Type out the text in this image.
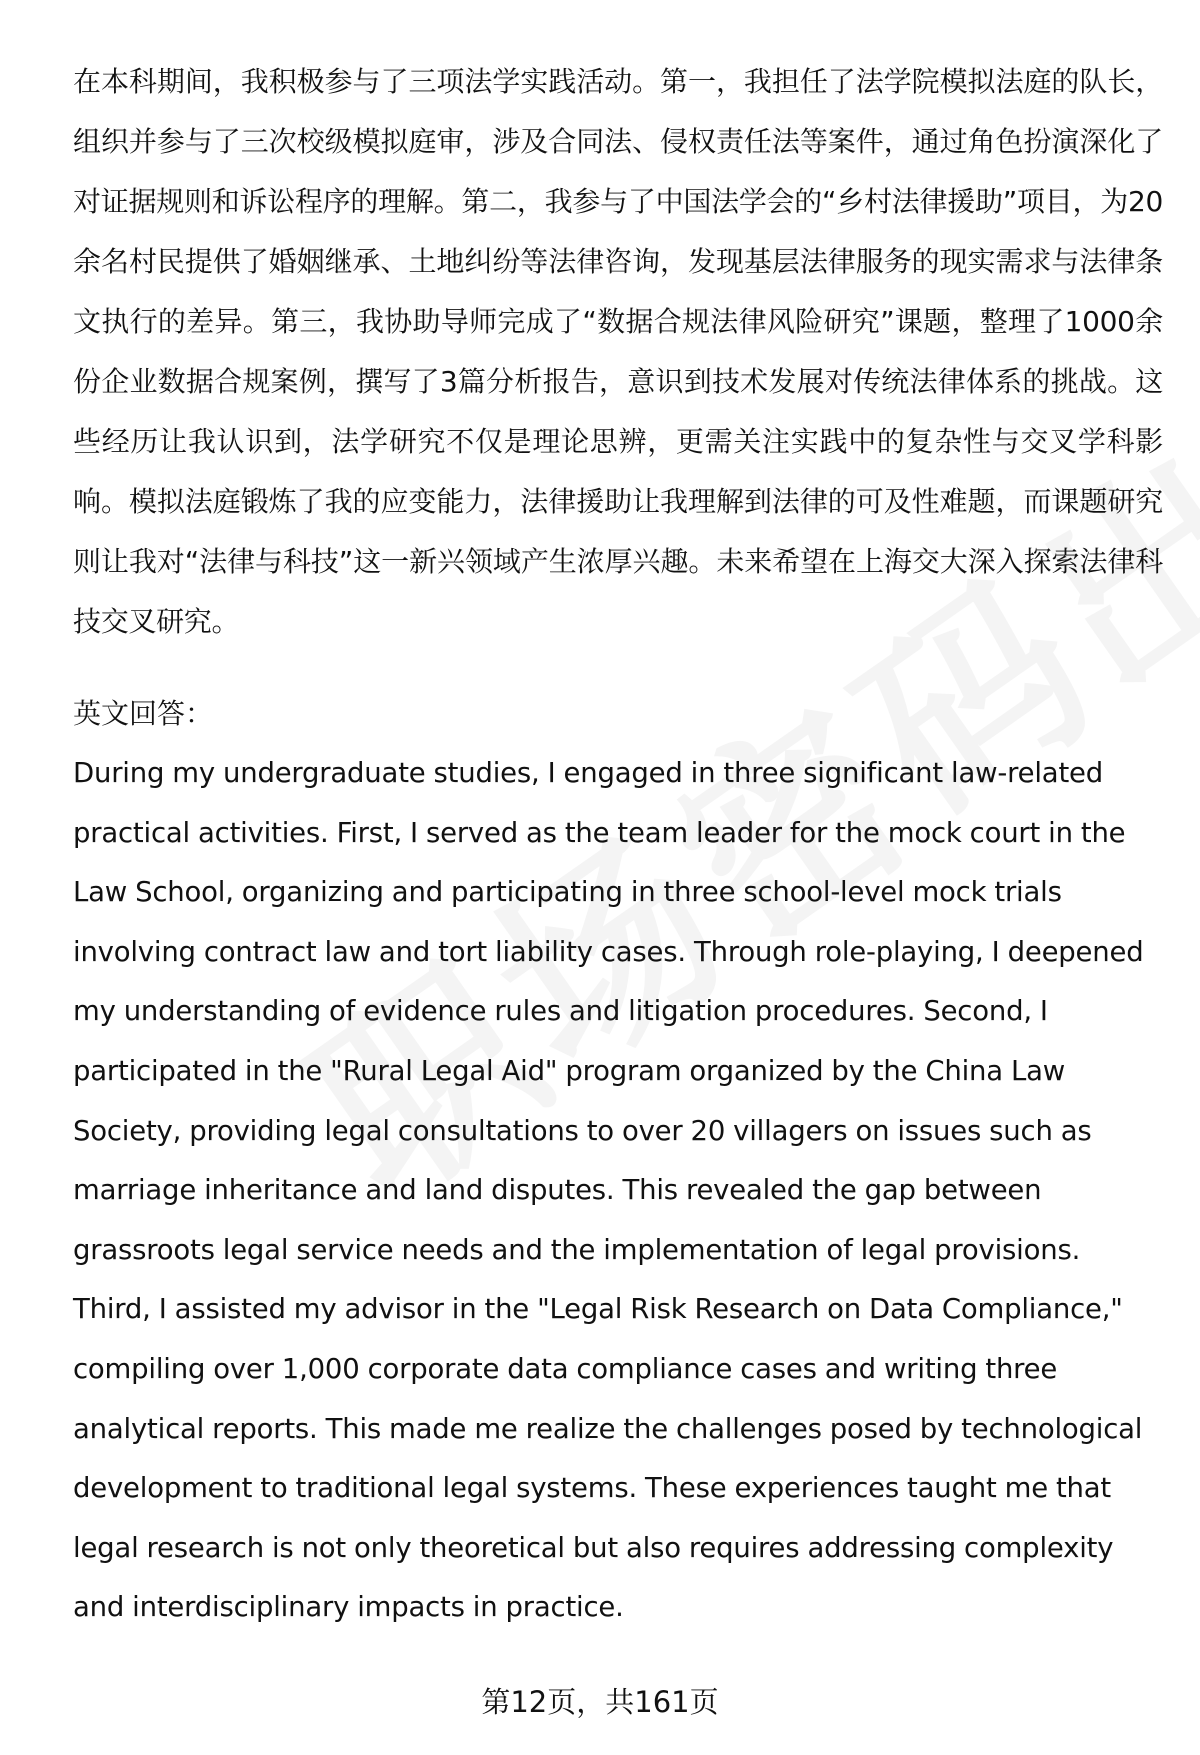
在本科期间，我积极参与了三项法学实践活动。第一，我担任了法学院模拟法庭的队长，组织并参与了三次校级模拟庭审，涉及合同法、侵权责任法等案件，通过角色扮演深化了对证据规则和诉讼程序的理解。第二，我参与了中国法学会的“乡村法律援助”项目，为20余名村民提供了婚姻继承、土地纠纷等法律咨询，发现基层法律服务的现实需求与法律条文执行的差异。第三，我协助导师完成了“数据合规法律风险研究”课题，整理了1000余份企业数据合规案例，撰写了3篇分析报告，意识到技术发展对传统法律体系的挑战。这些经历让我认识到，法学研究不仅是理论思辨，更需关注实践中的复杂性与交叉学科影响。模拟法庭锻炼了我的应变能力，法律援助让我理解到法律的可及性难题，而课题研究则让我对“法律与科技”这一新兴领域产生浓厚兴趣。未来希望在上海交大深入探索法律科技交叉研究。

英文回答：

During my undergraduate studies, I engaged in three significant law-related practical activities. First, I served as the team leader for the mock court in the Law School, organizing and participating in three school-level mock trials involving contract law and tort liability cases. Through role-playing, I deepened my understanding of evidence rules and litigation procedures. Second, I participated in the "Rural Legal Aid" program organized by the China Law Society, providing legal consultations to over 20 villagers on issues such as marriage inheritance and land disputes. This revealed the gap between grassroots legal service needs and the implementation of legal provisions. Third, I assisted my advisor in the "Legal Risk Research on Data Compliance," compiling over 1,000 corporate data compliance cases and writing three analytical reports. This made me realize the challenges posed by technological development to traditional legal systems. These experiences taught me that legal research is not only theoretical but also requires addressing complexity and interdisciplinary impacts in practice.

第12页，共161页
